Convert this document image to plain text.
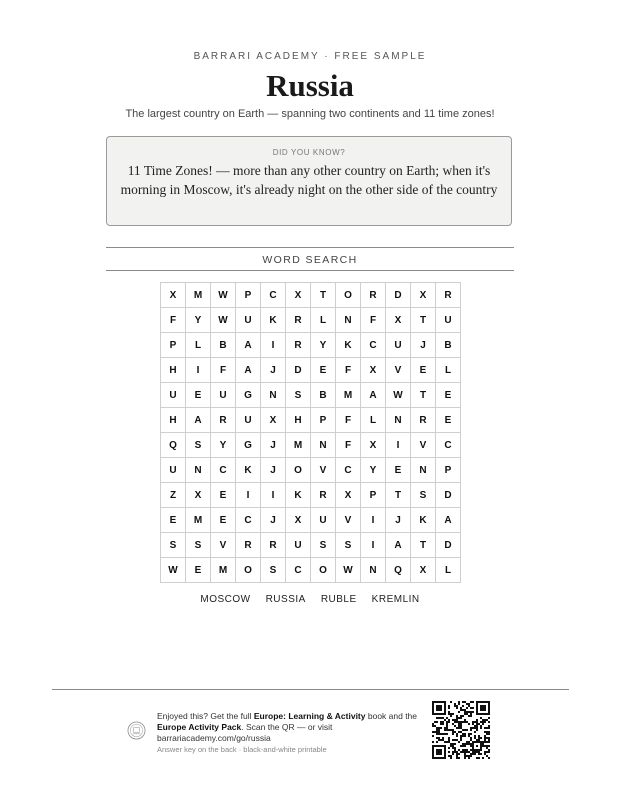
BARRARI ACADEMY · FREE SAMPLE
Russia
The largest country on Earth — spanning two continents and 11 time zones!
DID YOU KNOW?
11 Time Zones! — more than any other country on Earth; when it's morning in Moscow, it's already night on the other side of the country
WORD SEARCH
X	M	W	P	C	X	T	O	R	D	X	R
F	Y	W	U	K	R	L	N	F	X	T	U
P	L	B	A	I	R	Y	K	C	U	J	B
H	I	F	A	J	D	E	F	X	V	E	L
U	E	U	G	N	S	B	M	A	W	T	E
H	A	R	U	X	H	P	F	L	N	R	E
Q	S	Y	G	J	M	N	F	X	I	V	C
U	N	C	K	J	O	V	C	Y	E	N	P
Z	X	E	I	I	K	R	X	P	T	S	D
E	M	E	C	J	X	U	V	I	J	K	A
S	S	V	R	R	U	S	S	I	A	T	D
W	E	M	O	S	C	O	W	N	Q	X	L
MOSCOW RUSSIA RUBLE KREMLIN
Enjoyed this? Get the full Europe: Learning & Activity book and the Europe Activity Pack. Scan the QR — or visit barrariacademy.com/go/russia
Answer key on the back · black-and-white printable
